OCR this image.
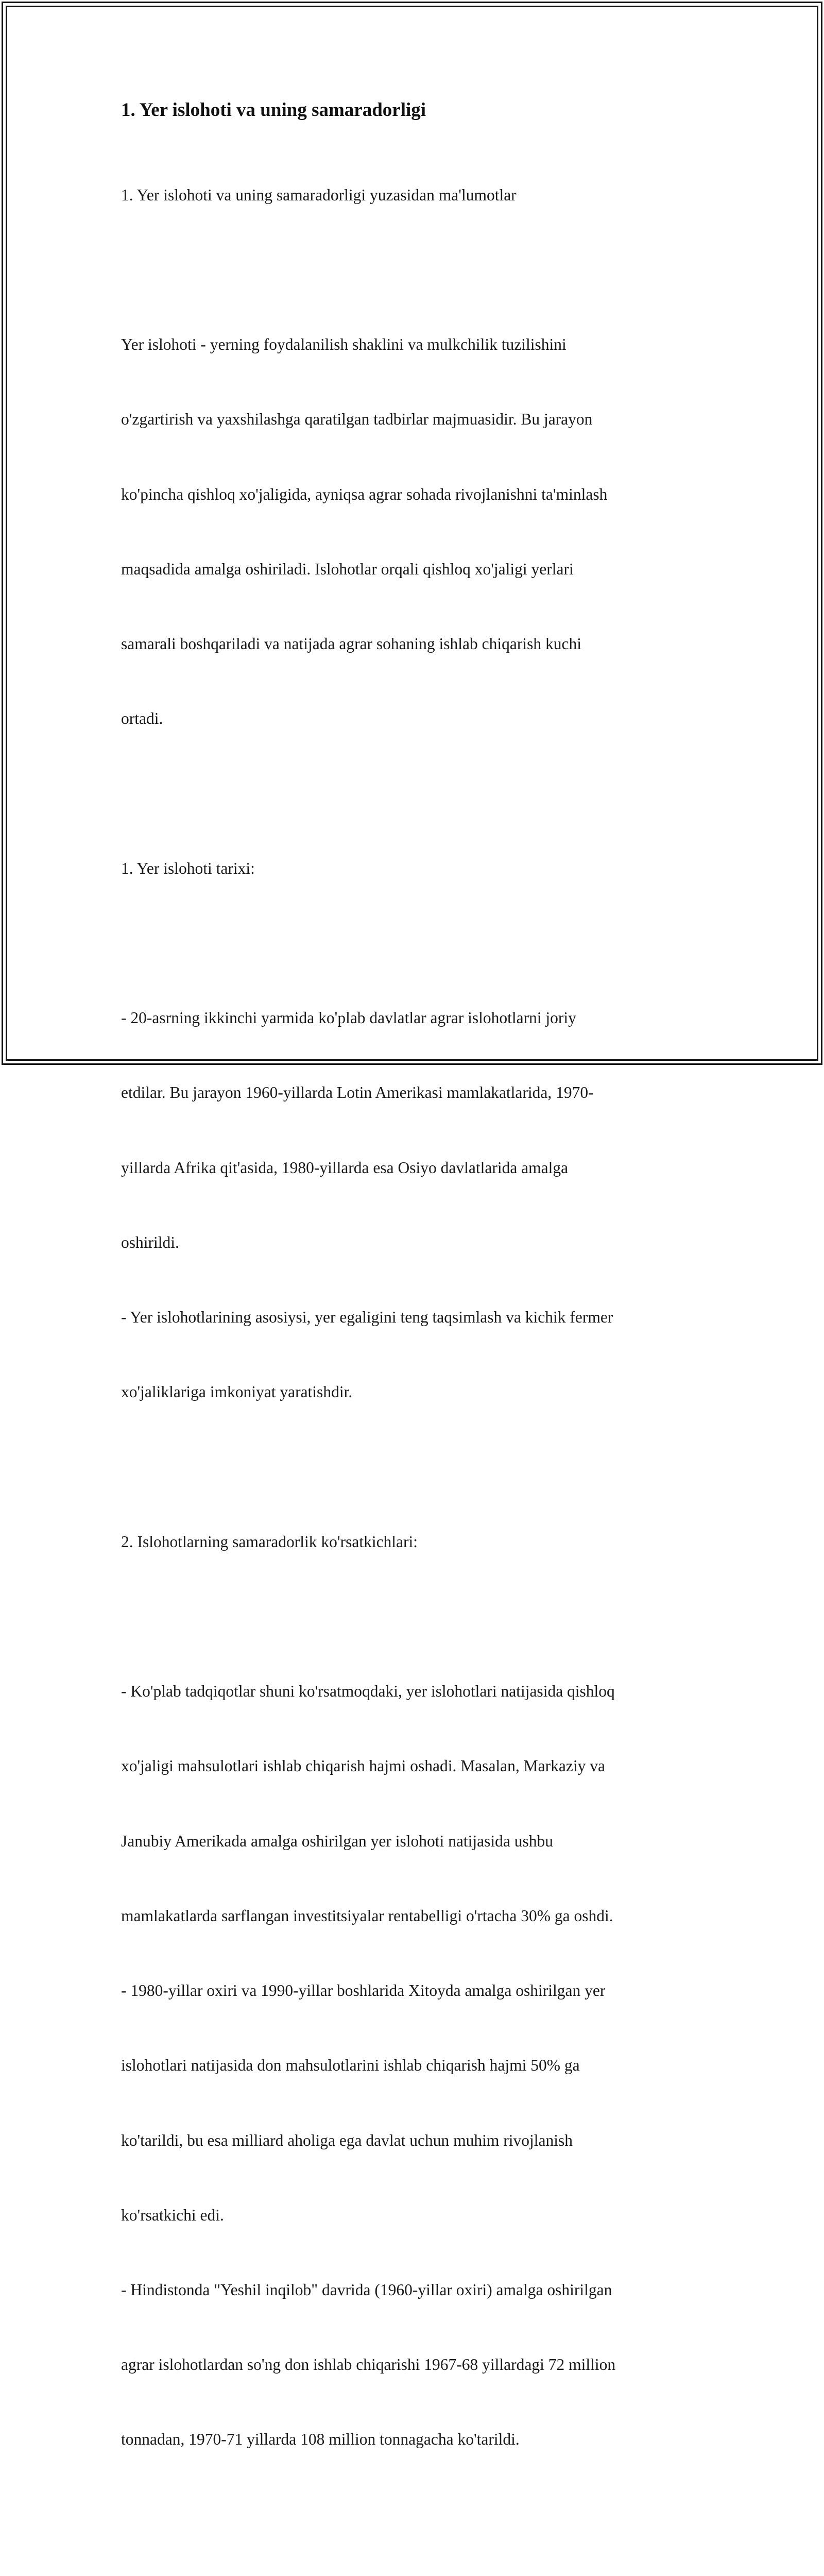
1. Yer islohoti va uning samaradorligi

1. Yer islohoti va uning samaradorligi yuzasidan ma'lumotlar

Yer islohoti - yerning foydalanilish shaklini va mulkchilik tuzilishini

o'zgartirish va yaxshilashga qaratilgan tadbirlar majmuasidir. Bu jarayon

ko'pincha qishloq xo'jaligida, ayniqsa agrar sohada rivojlanishni ta'minlash

maqsadida amalga oshiriladi. Islohotlar orqali qishloq xo'jaligi yerlari

samarali boshqariladi va natijada agrar sohaning ishlab chiqarish kuchi

ortadi.

1. Yer islohoti tarixi:

- 20-asrning ikkinchi yarmida ko'plab davlatlar agrar islohotlarni joriy

etdilar. Bu jarayon 1960-yillarda Lotin Amerikasi mamlakatlarida, 1970-

yillarda Afrika qit'asida, 1980-yillarda esa Osiyo davlatlarida amalga

oshirildi.

- Yer islohotlarining asosiysi, yer egaligini teng taqsimlash va kichik fermer

xo'jaliklariga imkoniyat yaratishdir.

2. Islohotlarning samaradorlik ko'rsatkichlari:

- Ko'plab tadqiqotlar shuni ko'rsatmoqdaki, yer islohotlari natijasida qishloq

xo'jaligi mahsulotlari ishlab chiqarish hajmi oshadi. Masalan, Markaziy va

Janubiy Amerikada amalga oshirilgan yer islohoti natijasida ushbu

mamlakatlarda sarflangan investitsiyalar rentabelligi o'rtacha 30% ga oshdi.

- 1980-yillar oxiri va 1990-yillar boshlarida Xitoyda amalga oshirilgan yer

islohotlari natijasida don mahsulotlarini ishlab chiqarish hajmi 50% ga

ko'tarildi, bu esa milliard aholiga ega davlat uchun muhim rivojlanish

ko'rsatkichi edi.

- Hindistonda "Yeshil inqilob" davrida (1960-yillar oxiri) amalga oshirilgan

agrar islohotlardan so'ng don ishlab chiqarishi 1967-68 yillardagi 72 million

tonnadan, 1970-71 yillarda 108 million tonnagacha ko'tarildi.
